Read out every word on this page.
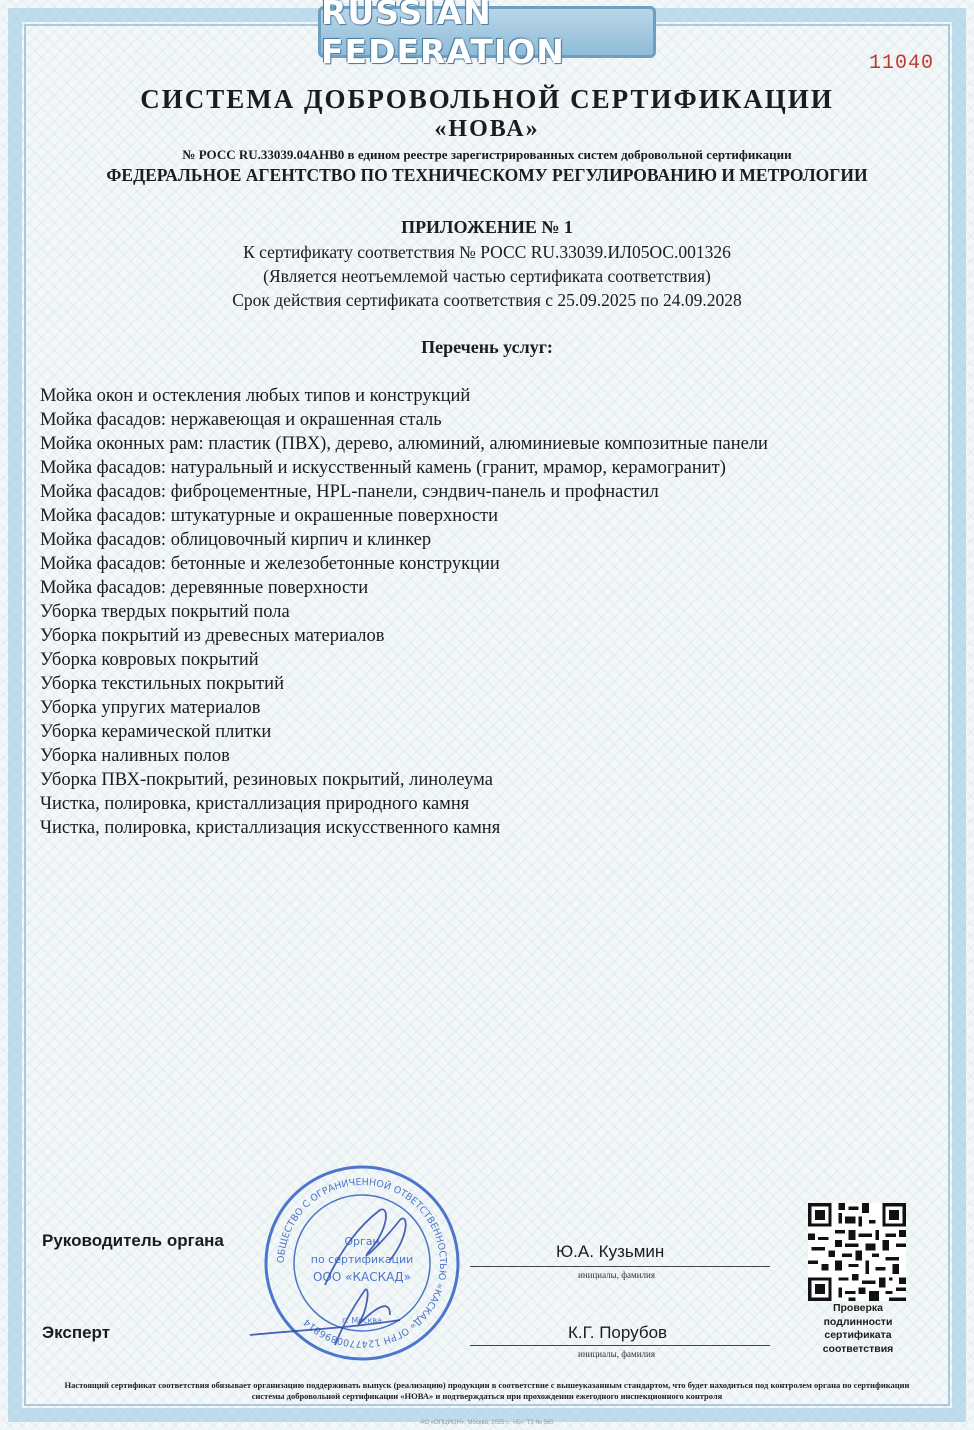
RUSSIAN FEDERATION	11040
СИСТЕМА ДОБРОВОЛЬНОЙ СЕРТИФИКАЦИИ
«НОВА»
№ РОСС RU.33039.04АНВ0 в едином реестре зарегистрированных систем добровольной сертификации
ФЕДЕРАЛЬНОЕ АГЕНТСТВО ПО ТЕХНИЧЕСКОМУ РЕГУЛИРОВАНИЮ И МЕТРОЛОГИИ
ПРИЛОЖЕНИЕ № 1
К сертификату соответствия № РОСС RU.33039.ИЛ05ОС.001326
(Является неотъемлемой частью сертификата соответствия)
Срок действия сертификата соответствия с 25.09.2025 по 24.09.2028
Перечень услуг:
Мойка окон и остекления любых типов и конструкций
Мойка фасадов: нержавеющая и окрашенная сталь
Мойка оконных рам: пластик (ПВХ), дерево, алюминий, алюминиевые композитные панели
Мойка фасадов: натуральный и искусственный камень (гранит, мрамор, керамогранит)
Мойка фасадов: фиброцементные, HPL-панели, сэндвич-панель и профнастил
Мойка фасадов: штукатурные и окрашенные поверхности
Мойка фасадов: облицовочный кирпич и клинкер
Мойка фасадов: бетонные и железобетонные конструкции
Мойка фасадов: деревянные поверхности
Уборка твердых покрытий пола
Уборка покрытий из древесных материалов
Уборка ковровых покрытий
Уборка текстильных покрытий
Уборка упругих материалов
Уборка керамической плитки
Уборка наливных полов
Уборка ПВХ-покрытий, резиновых покрытий, линолеума
Чистка, полировка, кристаллизация природного камня
Чистка, полировка, кристаллизация искусственного камня
Руководитель органа
Эксперт
Ю.А. Кузьмин
инициалы, фамилия
К.Г. Порубов
инициалы, фамилия
ОБЩЕСТВО С ОГРАНИЧЕННОЙ ОТВЕТСТВЕННОСТЬЮ «КАСКАД» ОГРН 1247700896814
Орган
по сертификации
ООО «КАСКАД»
г. Москва
Проверка
подлинности
сертификата
соответствия
Настоящий сертификат соответствия обязывает организацию поддерживать выпуск (реализацию) продукции в соответствие с вышеуказанным стандартом, что будет находиться под контролем органа по сертификации системы добровольной сертификации «НОВА» и подтверждаться при прохождении ежегодного инспекционного контроля
АО «ОПЦИОН», Москва, 2025 г., «Б», Т3 № 560
